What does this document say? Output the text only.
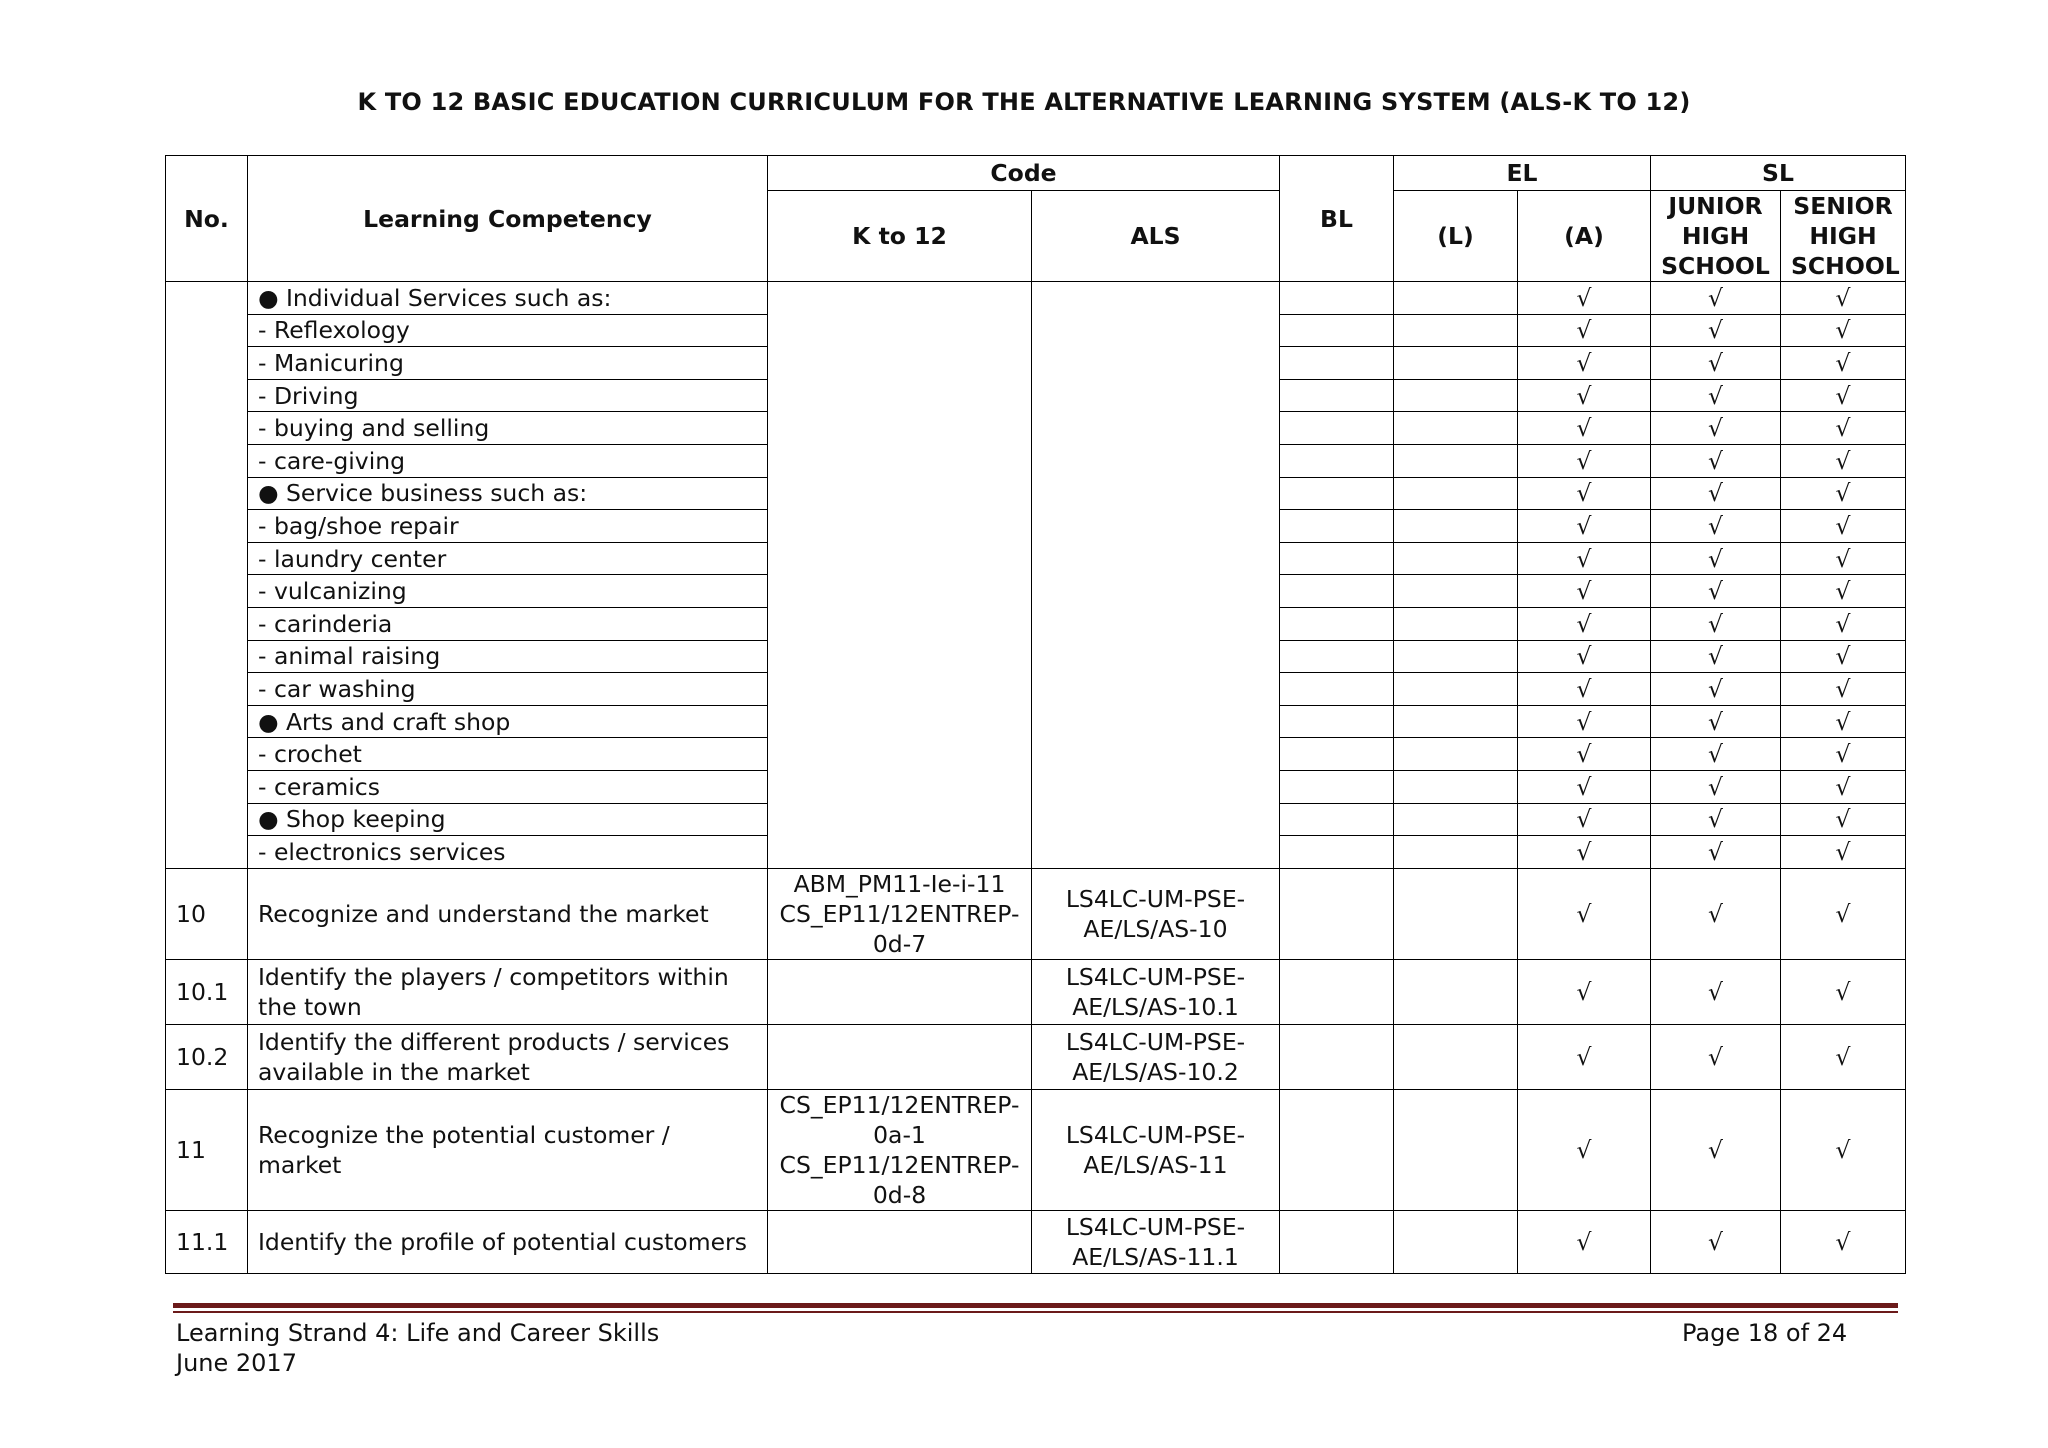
K TO 12 BASIC EDUCATION CURRICULUM FOR THE ALTERNATIVE LEARNING SYSTEM (ALS-K TO 12)
No.	Learning Competency	Code		BL	EL		SL	
		K to 12	ALS		(L)	(A)	JUNIOR HIGH SCHOOL	SENIOR HIGH SCHOOL
	● Individual Services such as:					√	√	√
	- Reflexology					√	√	√
	- Manicuring					√	√	√
	- Driving					√	√	√
	- buying and selling					√	√	√
	- care-giving					√	√	√
	● Service business such as:					√	√	√
	- bag/shoe repair					√	√	√
	- laundry center					√	√	√
	- vulcanizing					√	√	√
	- carinderia					√	√	√
	- animal raising					√	√	√
	- car washing					√	√	√
	● Arts and craft shop					√	√	√
	- crochet					√	√	√
	- ceramics					√	√	√
	● Shop keeping					√	√	√
	- electronics services					√	√	√
10	Recognize and understand the market	ABM_PM11-Ie-i-11 CS_EP11/12ENTREP-0d-7	LS4LC-UM-PSE-AE/LS/AS-10			√	√	√
10.1	Identify the players / competitors within the town		LS4LC-UM-PSE-AE/LS/AS-10.1			√	√	√
10.2	Identify the different products / services available in the market		LS4LC-UM-PSE-AE/LS/AS-10.2			√	√	√
11	Recognize the potential customer / market	CS_EP11/12ENTREP-0a-1 CS_EP11/12ENTREP-0d-8	LS4LC-UM-PSE-AE/LS/AS-11			√	√	√
11.1	Identify the profile of potential customers		LS4LC-UM-PSE-AE/LS/AS-11.1			√	√	√
Learning Strand 4: Life and Career Skills
June 2017
Page 18 of 24
